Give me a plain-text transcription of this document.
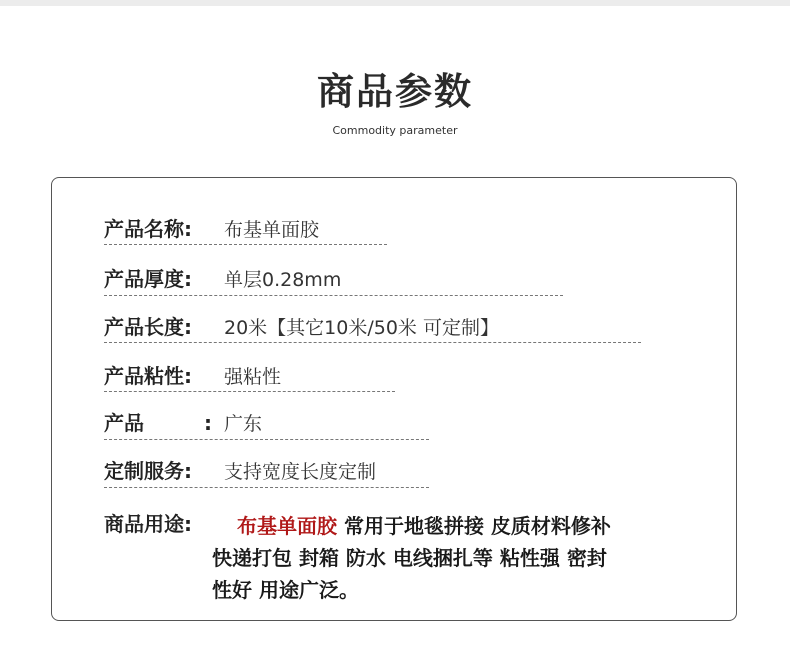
商品参数
Commodity parameter
产品名称: 布基单面胶
产品厚度: 单层0.28mm
产品长度: 20米【其它10米/50米 可定制】
产品粘性: 强粘性
产品	: 广东
定制服务: 支持宽度长度定制
商品用途:	布基单面胶 常用于地毯拼接 皮质材料修补
快递打包 封箱 防水 电线捆扎等 粘性强 密封
性好 用途广泛。
